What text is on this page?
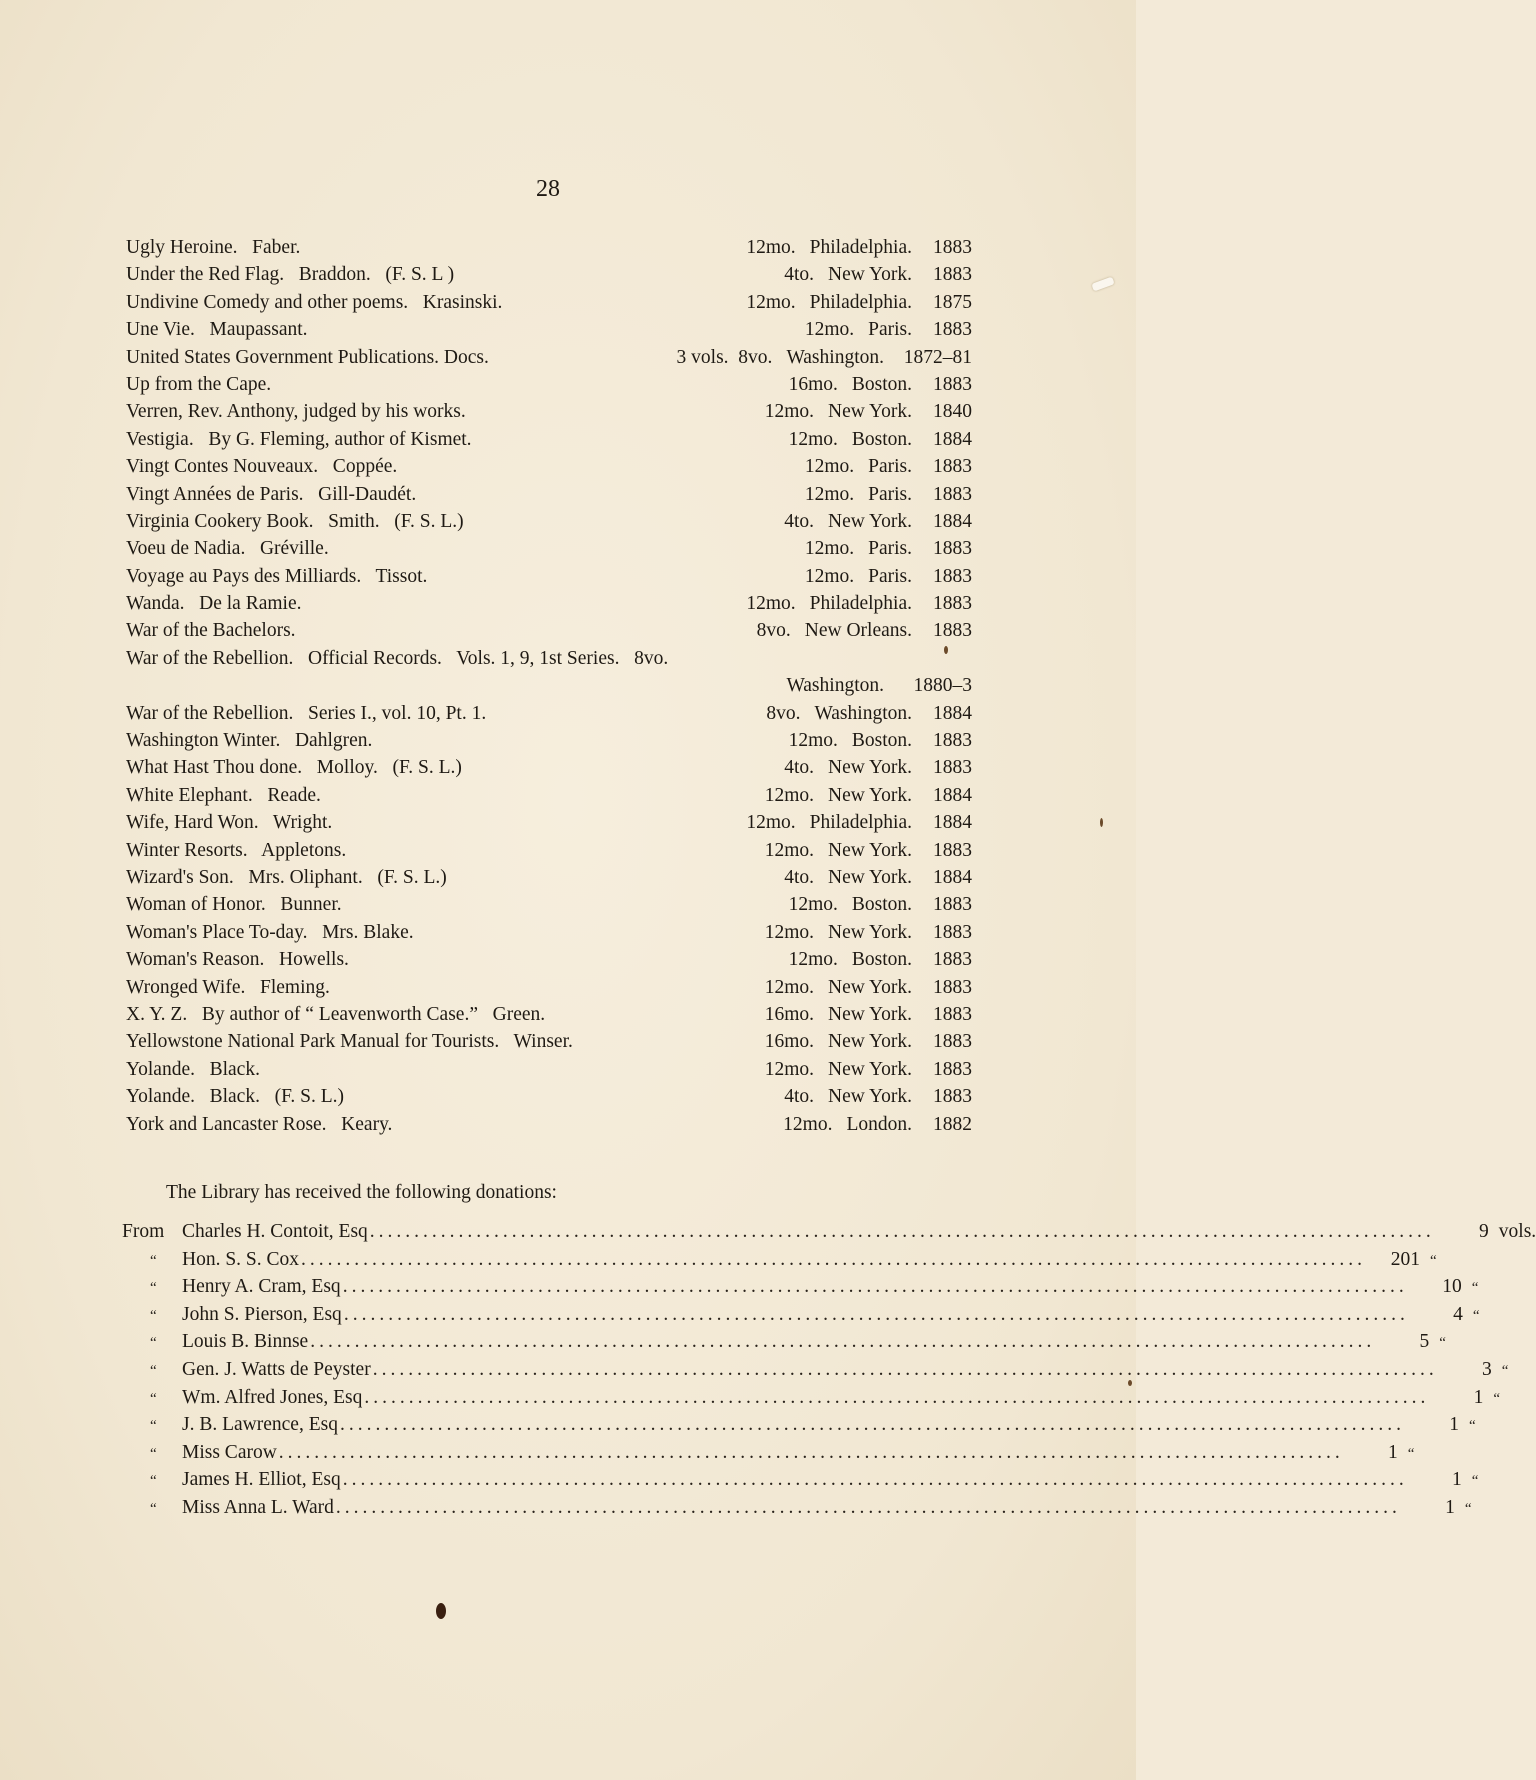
28
Ugly Heroine.   Faber.	12mo. Philadelphia. 1883
Under the Red Flag.   Braddon.   (F. S. L )	4to. New York. 1883
Undivine Comedy and other poems.   Krasinski.	12mo. Philadelphia. 1875
Une Vie.   Maupassant.	12mo. Paris. 1883
United States Government Publications. Docs.	3 vols.  8vo. Washington. 1872–81
Up from the Cape.	16mo. Boston. 1883
Verren, Rev. Anthony, judged by his works.	12mo. New York. 1840
Vestigia.   By G. Fleming, author of Kismet.	12mo. Boston. 1884
Vingt Contes Nouveaux.   Coppée.	12mo. Paris. 1883
Vingt Années de Paris.   Gill-Daudét.	12mo. Paris. 1883
Virginia Cookery Book.   Smith.   (F. S. L.)	4to. New York. 1884
Voeu de Nadia.   Gréville.	12mo. Paris. 1883
Voyage au Pays des Milliards.   Tissot.	12mo. Paris. 1883
Wanda.   De la Ramie.	12mo. Philadelphia. 1883
War of the Bachelors.	8vo. New Orleans. 1883
War of the Rebellion.   Official Records.   Vols. 1, 9, 1st Series.   8vo.
Washington. 1880–3
War of the Rebellion.   Series I., vol. 10, Pt. 1.	8vo. Washington. 1884
Washington Winter.   Dahlgren.	12mo. Boston. 1883
What Hast Thou done.   Molloy.   (F. S. L.)	4to. New York. 1883
White Elephant.   Reade.	12mo. New York. 1884
Wife, Hard Won.   Wright.	12mo. Philadelphia. 1884
Winter Resorts.   Appletons.	12mo. New York. 1883
Wizard's Son.   Mrs. Oliphant.   (F. S. L.)	4to. New York. 1884
Woman of Honor.   Bunner.	12mo. Boston. 1883
Woman's Place To-day.   Mrs. Blake.	12mo. New York. 1883
Woman's Reason.   Howells.	12mo. Boston. 1883
Wronged Wife.   Fleming.	12mo. New York. 1883
X. Y. Z.   By author of “ Leavenworth Case.”   Green.	16mo. New York. 1883
Yellowstone National Park Manual for Tourists.   Winser.	16mo. New York. 1883
Yolande.   Black.	12mo. New York. 1883
Yolande.   Black.   (F. S. L.)	4to. New York. 1883
York and Lancaster Rose.   Keary.	12mo. London. 1882
The Library has received the following donations:
From Charles H. Contoit, Esq ........................................................................................................................	9 vols.
“	Hon. S. S. Cox ........................................................................................................................	201 “
“	Henry A. Cram, Esq ........................................................................................................................	10 “
“	John S. Pierson, Esq ........................................................................................................................	4 “
“	Louis B. Binnse ........................................................................................................................	5 “
“	Gen. J. Watts de Peyster ........................................................................................................................	3 “
“	Wm. Alfred Jones, Esq ........................................................................................................................	1 “
“	J. B. Lawrence, Esq ........................................................................................................................	1 “
“	Miss Carow ........................................................................................................................	1 “
“	James H. Elliot, Esq ........................................................................................................................	1 “
“	Miss Anna L. Ward ........................................................................................................................	1 “
